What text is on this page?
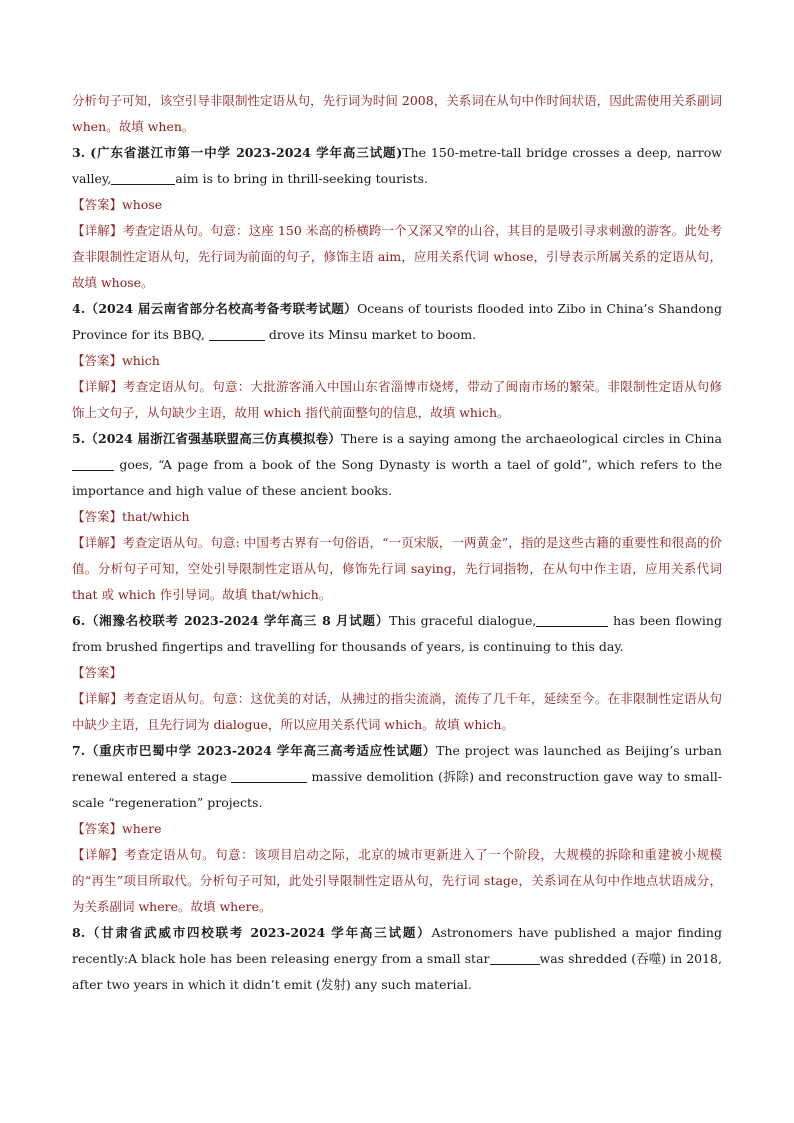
分析句子可知，该空引导非限制性定语从句，先行词为时间 2008，关系词在从句中作时间状语，因此需使用关系副词 when。故填 when。
3. (广东省湛江市第一中学 2023-2024 学年高三试题)The 150-metre-tall bridge crosses a deep, narrow valley,	aim is to bring in thrill-seeking tourists.
【答案】whose
【详解】考查定语从句。句意：这座 150 米高的桥横跨一个又深又窄的山谷，其目的是吸引寻求刺激的游客。此处考查非限制性定语从句，先行词为前面的句子，修饰主语 aim，应用关系代词 whose，引导表示所属关系的定语从句，故填 whose。
4.（2024 届云南省部分名校高考备考联考试题）Oceans of tourists flooded into Zibo in China’s Shandong Province for its BBQ,	drove its Minsu market to boom.
【答案】which
【详解】考查定语从句。句意：大批游客涌入中国山东省淄博市烧烤，带动了闽南市场的繁荣。非限制性定语从句修饰上文句子，从句缺少主语，故用 which 指代前面整句的信息，故填 which。
5.（2024 届浙江省强基联盟高三仿真模拟卷）There is a saying among the archaeological circles in China goes, “A page from a book of the Song Dynasty is worth a tael of gold”, which refers to the importance and high value of these ancient books.
【答案】that/which
【详解】考查定语从句。句意: 中国考古界有一句俗语，“一页宋版，一两黄金”，指的是这些古籍的重要性和很高的价值。分析句子可知，空处引导限制性定语从句，修饰先行词 saying，先行词指物，在从句中作主语，应用关系代词 that 或 which 作引导词。故填 that/which。
6.（湘豫名校联考 2023-2024 学年高三 8 月试题）This graceful dialogue,	has been flowing from brushed fingertips and travelling for thousands of years, is continuing to this day.
【答案】
【详解】考查定语从句。句意：这优美的对话，从拂过的指尖流淌，流传了几千年，延续至今。在非限制性定语从句中缺少主语，且先行词为 dialogue，所以应用关系代词 which。故填 which。
7.（重庆市巴蜀中学 2023-2024 学年高三高考适应性试题）The project was launched as Beijing’s urban renewal entered a stage	massive demolition (拆除) and reconstruction gave way to small-scale “regeneration” projects.
【答案】where
【详解】考查定语从句。句意：该项目启动之际，北京的城市更新进入了一个阶段，大规模的拆除和重建被小规模的“再生”项目所取代。分析句子可知，此处引导限制性定语从句，先行词 stage，关系词在从句中作地点状语成分，为关系副词 where。故填 where。
8.（甘肃省武威市四校联考 2023-2024 学年高三试题）Astronomers have published a major finding recently:A black hole has been releasing energy from a small star	was shredded (吞噬) in 2018, after two years in which it didn’t emit (发射) any such material.
